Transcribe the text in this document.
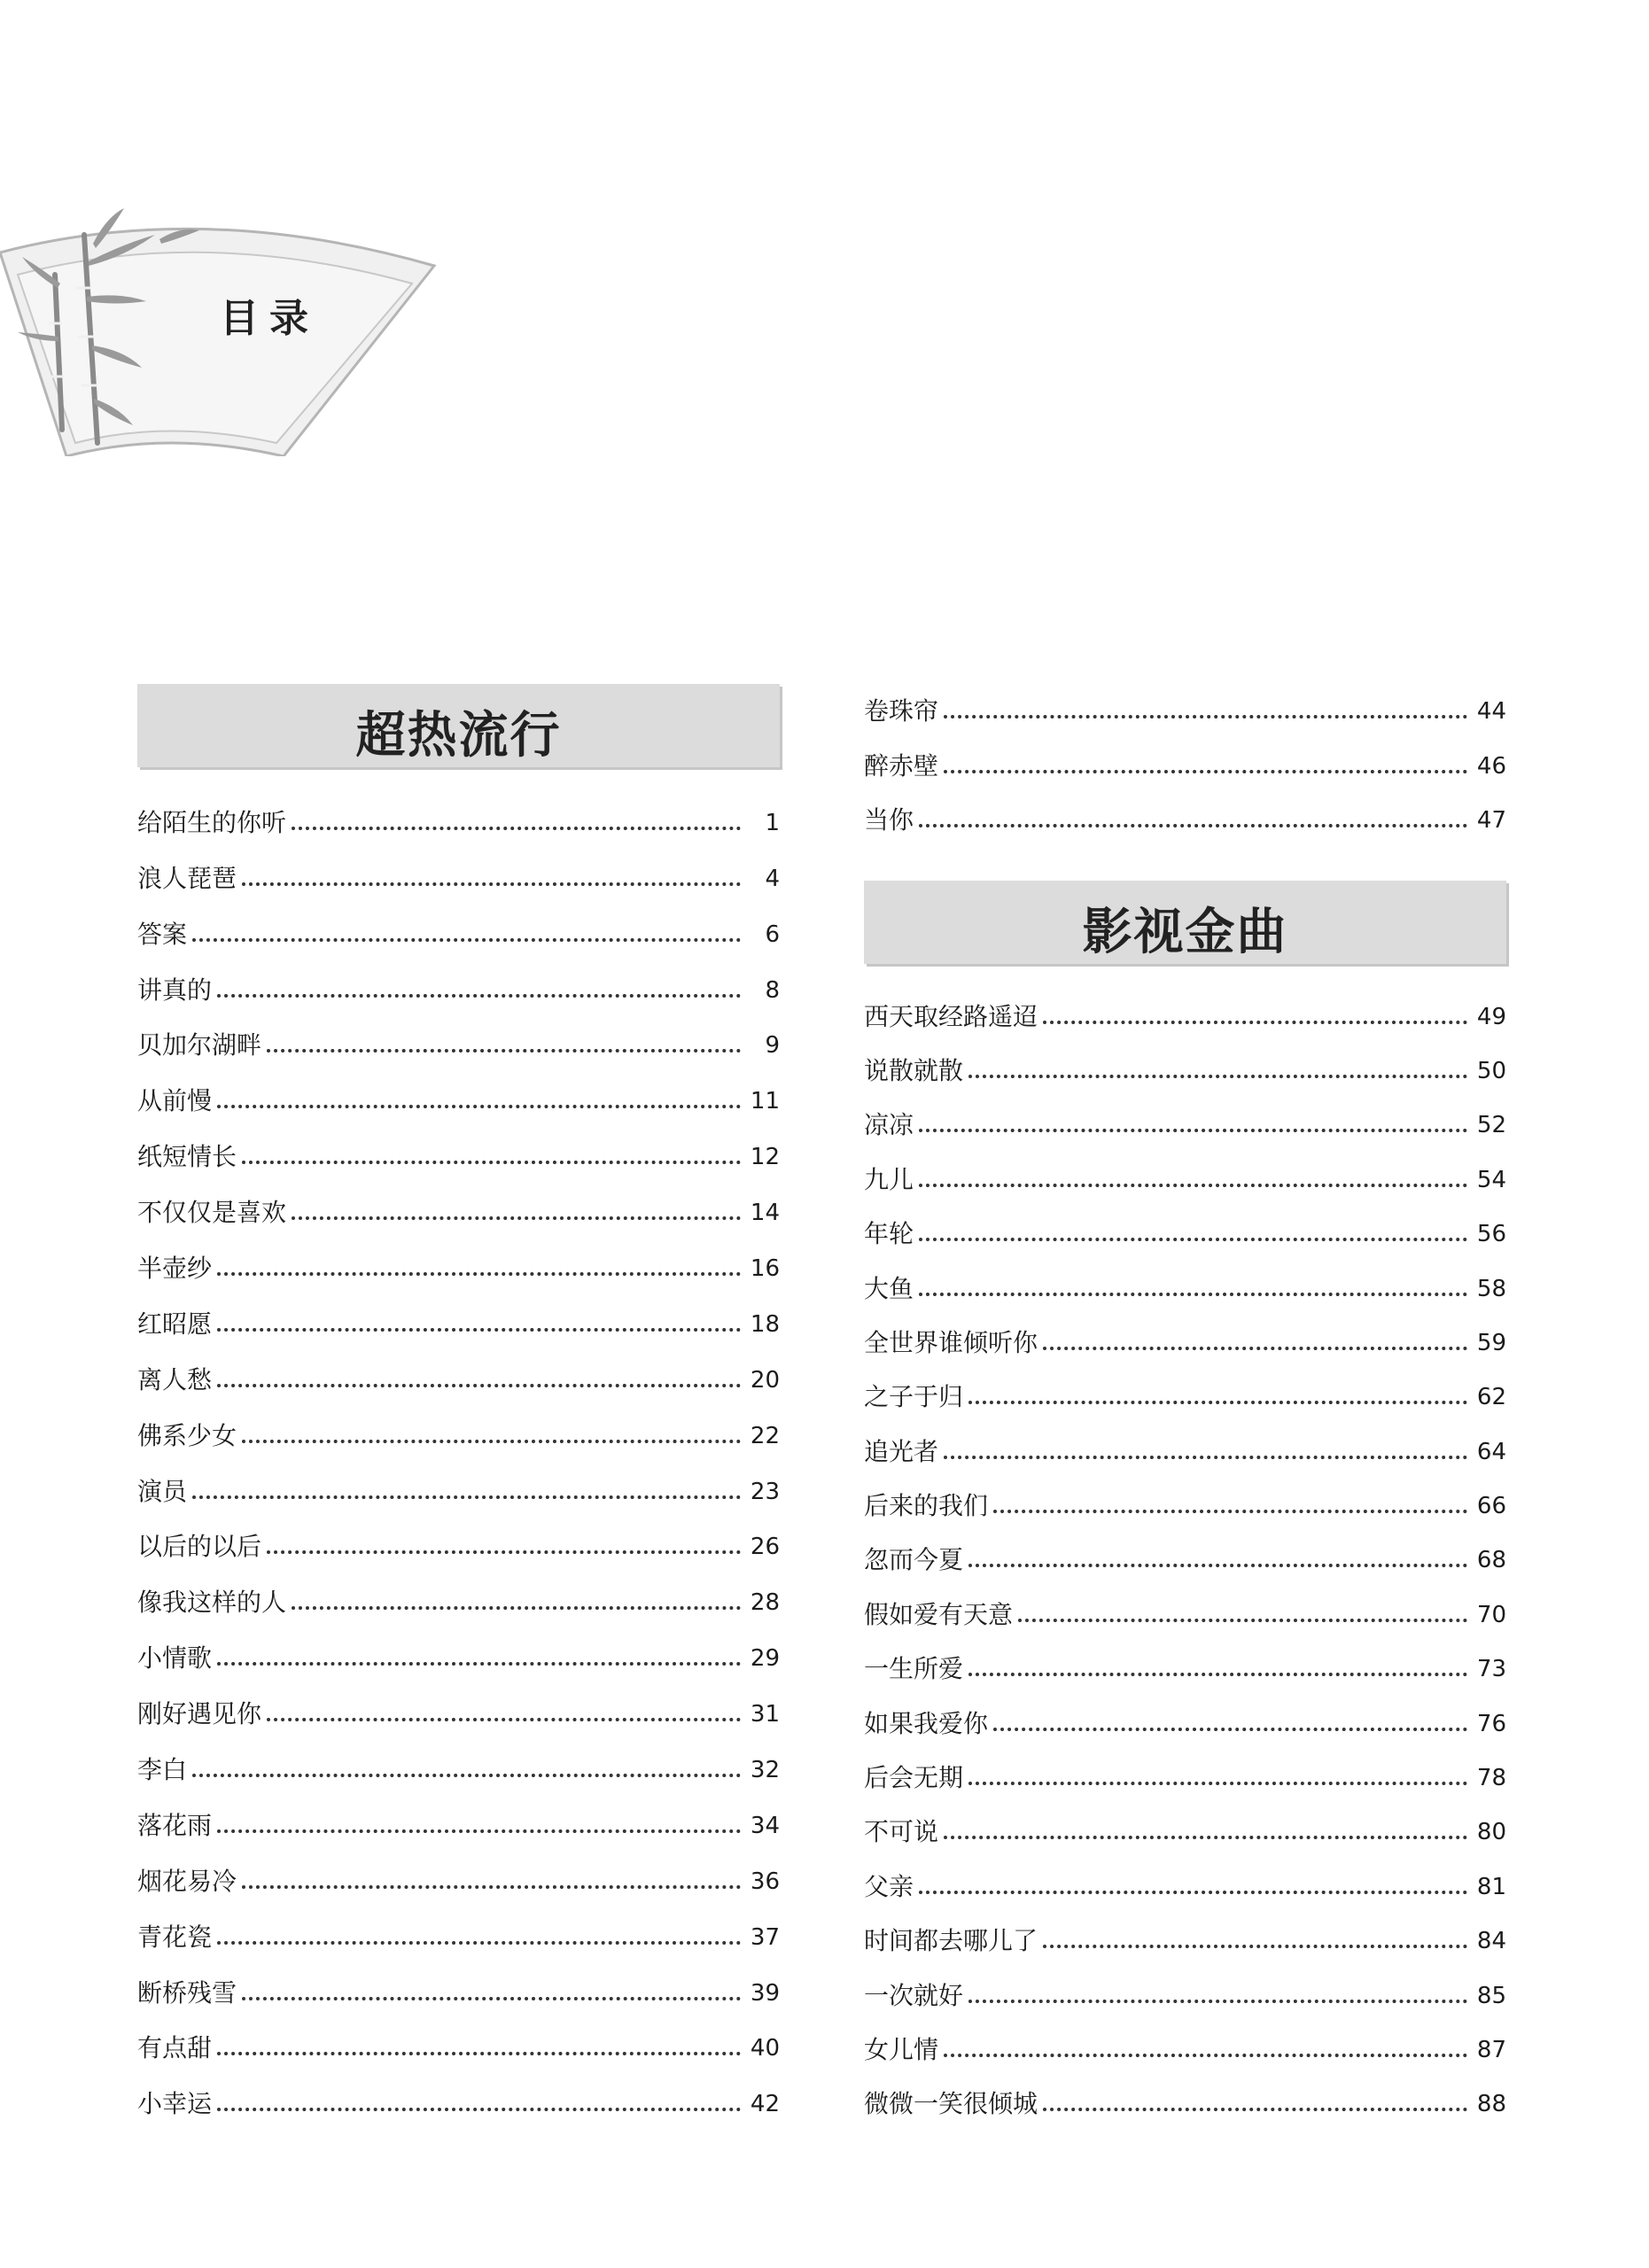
目录
超热流行
给陌生的你听	1
浪人琵琶	4
答案	6
讲真的	8
贝加尔湖畔	9
从前慢	11
纸短情长	12
不仅仅是喜欢	14
半壶纱	16
红昭愿	18
离人愁	20
佛系少女	22
演员	23
以后的以后	26
像我这样的人	28
小情歌	29
刚好遇见你	31
李白	32
落花雨	34
烟花易冷	36
青花瓷	37
断桥残雪	39
有点甜	40
小幸运	42
卷珠帘	44
醉赤壁	46
当你	47
影视金曲
西天取经路遥迢	49
说散就散	50
凉凉	52
九儿	54
年轮	56
大鱼	58
全世界谁倾听你	59
之子于归	62
追光者	64
后来的我们	66
忽而今夏	68
假如爱有天意	70
一生所爱	73
如果我爱你	76
后会无期	78
不可说	80
父亲	81
时间都去哪儿了	84
一次就好	85
女儿情	87
微微一笑很倾城	88
